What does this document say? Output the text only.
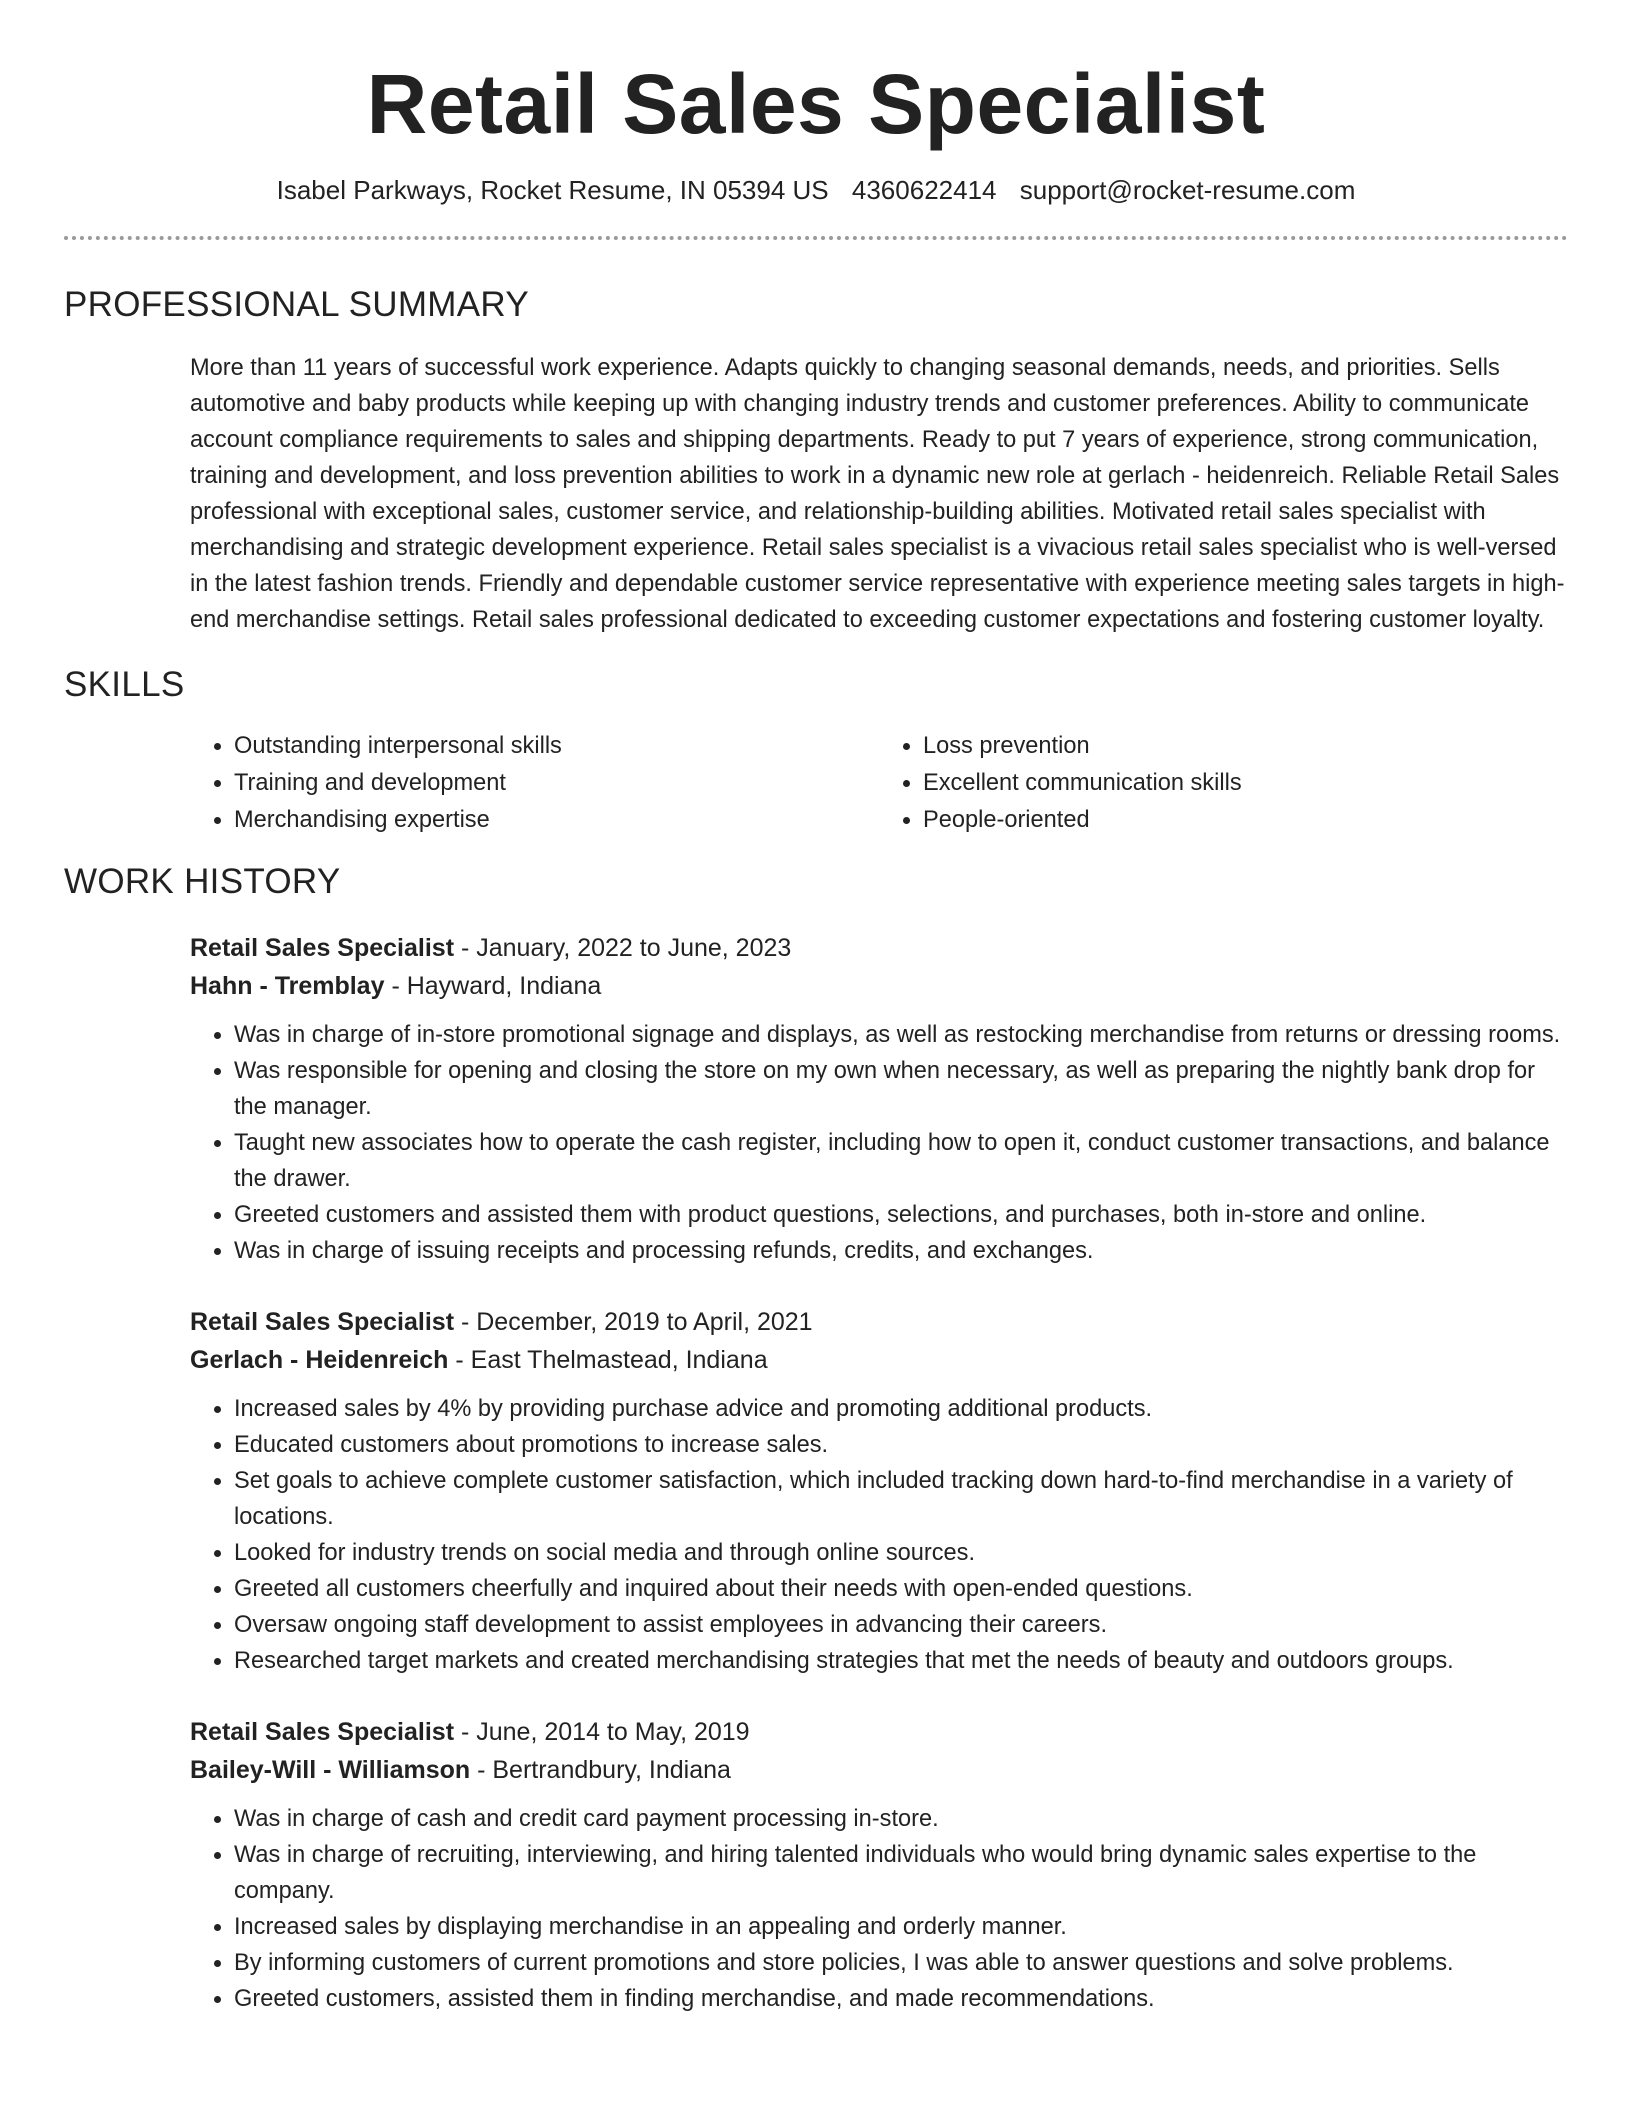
Retail Sales Specialist
Isabel Parkways, Rocket Resume, IN 05394 US 4360622414 support@rocket-resume.com
PROFESSIONAL SUMMARY
More than 11 years of successful work experience. Adapts quickly to changing seasonal demands, needs, and priorities. Sells automotive and baby products while keeping up with changing industry trends and customer preferences. Ability to communicate account compliance requirements to sales and shipping departments. Ready to put 7 years of experience, strong communication, training and development, and loss prevention abilities to work in a dynamic new role at gerlach - heidenreich. Reliable Retail Sales professional with exceptional sales, customer service, and relationship-building abilities. Motivated retail sales specialist with merchandising and strategic development experience. Retail sales specialist is a vivacious retail sales specialist who is well-versed in the latest fashion trends. Friendly and dependable customer service representative with experience meeting sales targets in high-end merchandise settings. Retail sales professional dedicated to exceeding customer expectations and fostering customer loyalty.
SKILLS
• Outstanding interpersonal skills
• Training and development
• Merchandising expertise
• Loss prevention
• Excellent communication skills
• People-oriented
WORK HISTORY
Retail Sales Specialist - January, 2022 to June, 2023
Hahn - Tremblay - Hayward, Indiana
• Was in charge of in-store promotional signage and displays, as well as restocking merchandise from returns or dressing rooms.
• Was responsible for opening and closing the store on my own when necessary, as well as preparing the nightly bank drop for the manager.
• Taught new associates how to operate the cash register, including how to open it, conduct customer transactions, and balance the drawer.
• Greeted customers and assisted them with product questions, selections, and purchases, both in-store and online.
• Was in charge of issuing receipts and processing refunds, credits, and exchanges.
Retail Sales Specialist - December, 2019 to April, 2021
Gerlach - Heidenreich - East Thelmastead, Indiana
• Increased sales by 4% by providing purchase advice and promoting additional products.
• Educated customers about promotions to increase sales.
• Set goals to achieve complete customer satisfaction, which included tracking down hard-to-find merchandise in a variety of locations.
• Looked for industry trends on social media and through online sources.
• Greeted all customers cheerfully and inquired about their needs with open-ended questions.
• Oversaw ongoing staff development to assist employees in advancing their careers.
• Researched target markets and created merchandising strategies that met the needs of beauty and outdoors groups.
Retail Sales Specialist - June, 2014 to May, 2019
Bailey-Will - Williamson - Bertrandbury, Indiana
• Was in charge of cash and credit card payment processing in-store.
• Was in charge of recruiting, interviewing, and hiring talented individuals who would bring dynamic sales expertise to the company.
• Increased sales by displaying merchandise in an appealing and orderly manner.
• By informing customers of current promotions and store policies, I was able to answer questions and solve problems.
• Greeted customers, assisted them in finding merchandise, and made recommendations.
